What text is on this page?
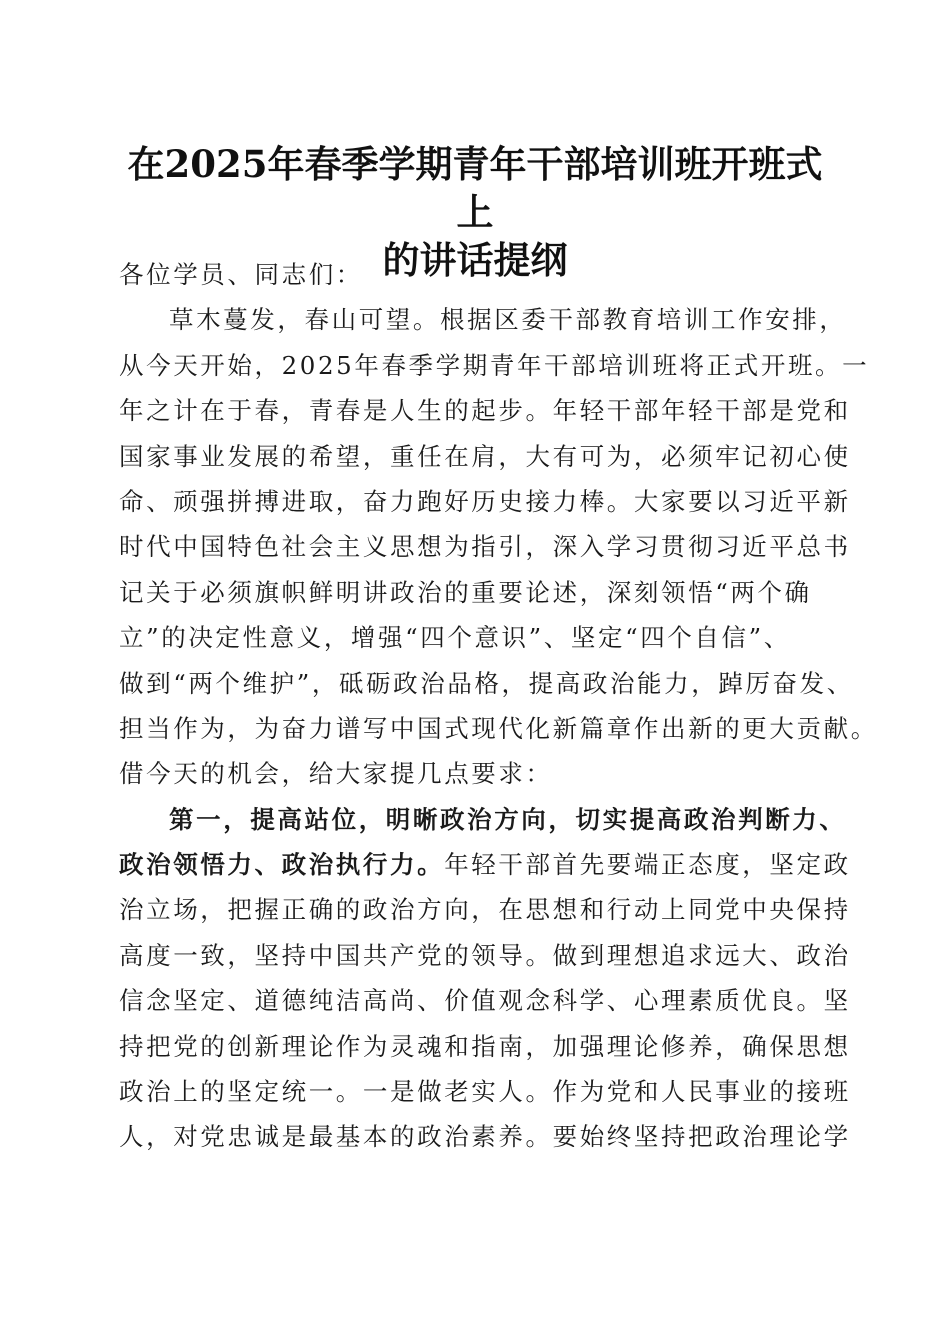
在2025年春季学期青年干部培训班开班式上
的讲话提纲
各位学员、同志们：
草木蔓发，春山可望。根据区委干部教育培训工作安排，
从今天开始，2025年春季学期青年干部培训班将正式开班。一
年之计在于春，青春是人生的起步。年轻干部年轻干部是党和
国家事业发展的希望，重任在肩，大有可为，必须牢记初心使
命、顽强拼搏进取，奋力跑好历史接力棒。大家要以习近平新
时代中国特色社会主义思想为指引，深入学习贯彻习近平总书
记关于必须旗帜鲜明讲政治的重要论述，深刻领悟“两个确
立”的决定性意义，增强“四个意识”、坚定“四个自信”、
做到“两个维护”，砥砺政治品格，提高政治能力，踔厉奋发、
担当作为，为奋力谱写中国式现代化新篇章作出新的更大贡献。
借今天的机会，给大家提几点要求：
第一，提高站位，明晰政治方向，切实提高政治判断力、
政治领悟力、政治执行力。年轻干部首先要端正态度，坚定政
治立场，把握正确的政治方向，在思想和行动上同党中央保持
高度一致，坚持中国共产党的领导。做到理想追求远大、政治
信念坚定、道德纯洁高尚、价值观念科学、心理素质优良。坚
持把党的创新理论作为灵魂和指南，加强理论修养，确保思想
政治上的坚定统一。一是做老实人。作为党和人民事业的接班
人，对党忠诚是最基本的政治素养。要始终坚持把政治理论学
